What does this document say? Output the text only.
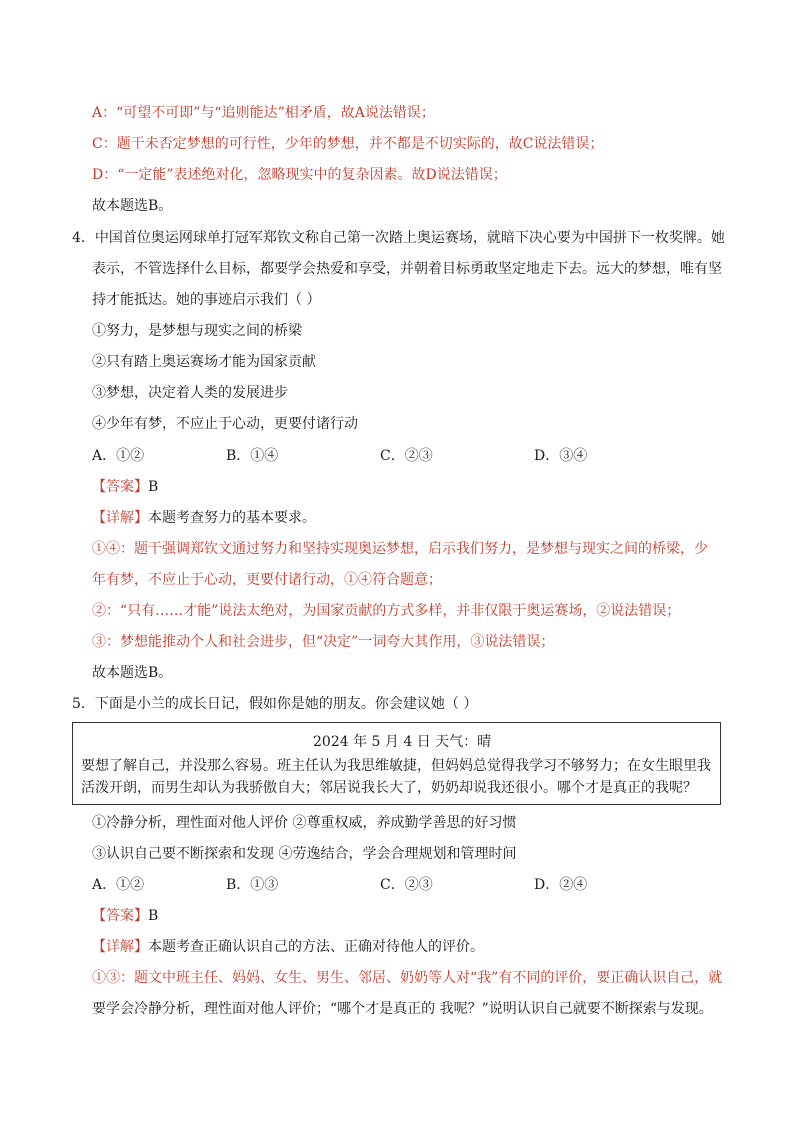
A：“可望不可即”与“追则能达”相矛盾，故A说法错误；
C：题干未否定梦想的可行性，少年的梦想，并不都是不切实际的，故C说法错误；
D：“一定能”表述绝对化，忽略现实中的复杂因素。故D说法错误；
故本题选B。
4．中国首位奥运网球单打冠军郑钦文称自己第一次踏上奥运赛场，就暗下决心要为中国拼下一枚奖牌。她
表示，不管选择什么目标，都要学会热爱和享受，并朝着目标勇敢坚定地走下去。远大的梦想，唯有坚
持才能抵达。她的事迹启示我们（ ）
①努力，是梦想与现实之间的桥梁
②只有踏上奥运赛场才能为国家贡献
③梦想，决定着人类的发展进步
④少年有梦，不应止于心动，更要付诸行动
A．①②	B．①④	C．②③	D．③④
【答案】B
【详解】本题考查努力的基本要求。
①④：题干强调郑钦文通过努力和坚持实现奥运梦想，启示我们努力，是梦想与现实之间的桥梁，少
年有梦，不应止于心动，更要付诸行动，①④符合题意；
②：“只有……才能”说法太绝对，为国家贡献的方式多样，并非仅限于奥运赛场，②说法错误；
③：梦想能推动个人和社会进步，但“决定”一词夸大其作用，③说法错误；
故本题选B。
5．下面是小兰的成长日记，假如你是她的朋友。你会建议她（ ）
2024 年 5 月 4 日 天气：晴
要想了解自己，并没那么容易。班主任认为我思维敏捷，但妈妈总觉得我学习不够努力；在女生眼里我
活泼开朗，而男生却认为我骄傲自大；邻居说我长大了，奶奶却说我还很小。哪个才是真正的我呢？
①冷静分析，理性面对他人评价 ②尊重权威，养成勤学善思的好习惯
③认识自己要不断探索和发现 ④劳逸结合，学会合理规划和管理时间
A．①②	B．①③	C．②③	D．②④
【答案】B
【详解】本题考查正确认识自己的方法、正确对待他人的评价。
①③：题文中班主任、妈妈、女生、男生、邻居、奶奶等人对“我”有不同的评价，要正确认识自己，就
要学会冷静分析，理性面对他人评价；“哪个才是真正的 我呢？”说明认识自己就要不断探索与发现。
